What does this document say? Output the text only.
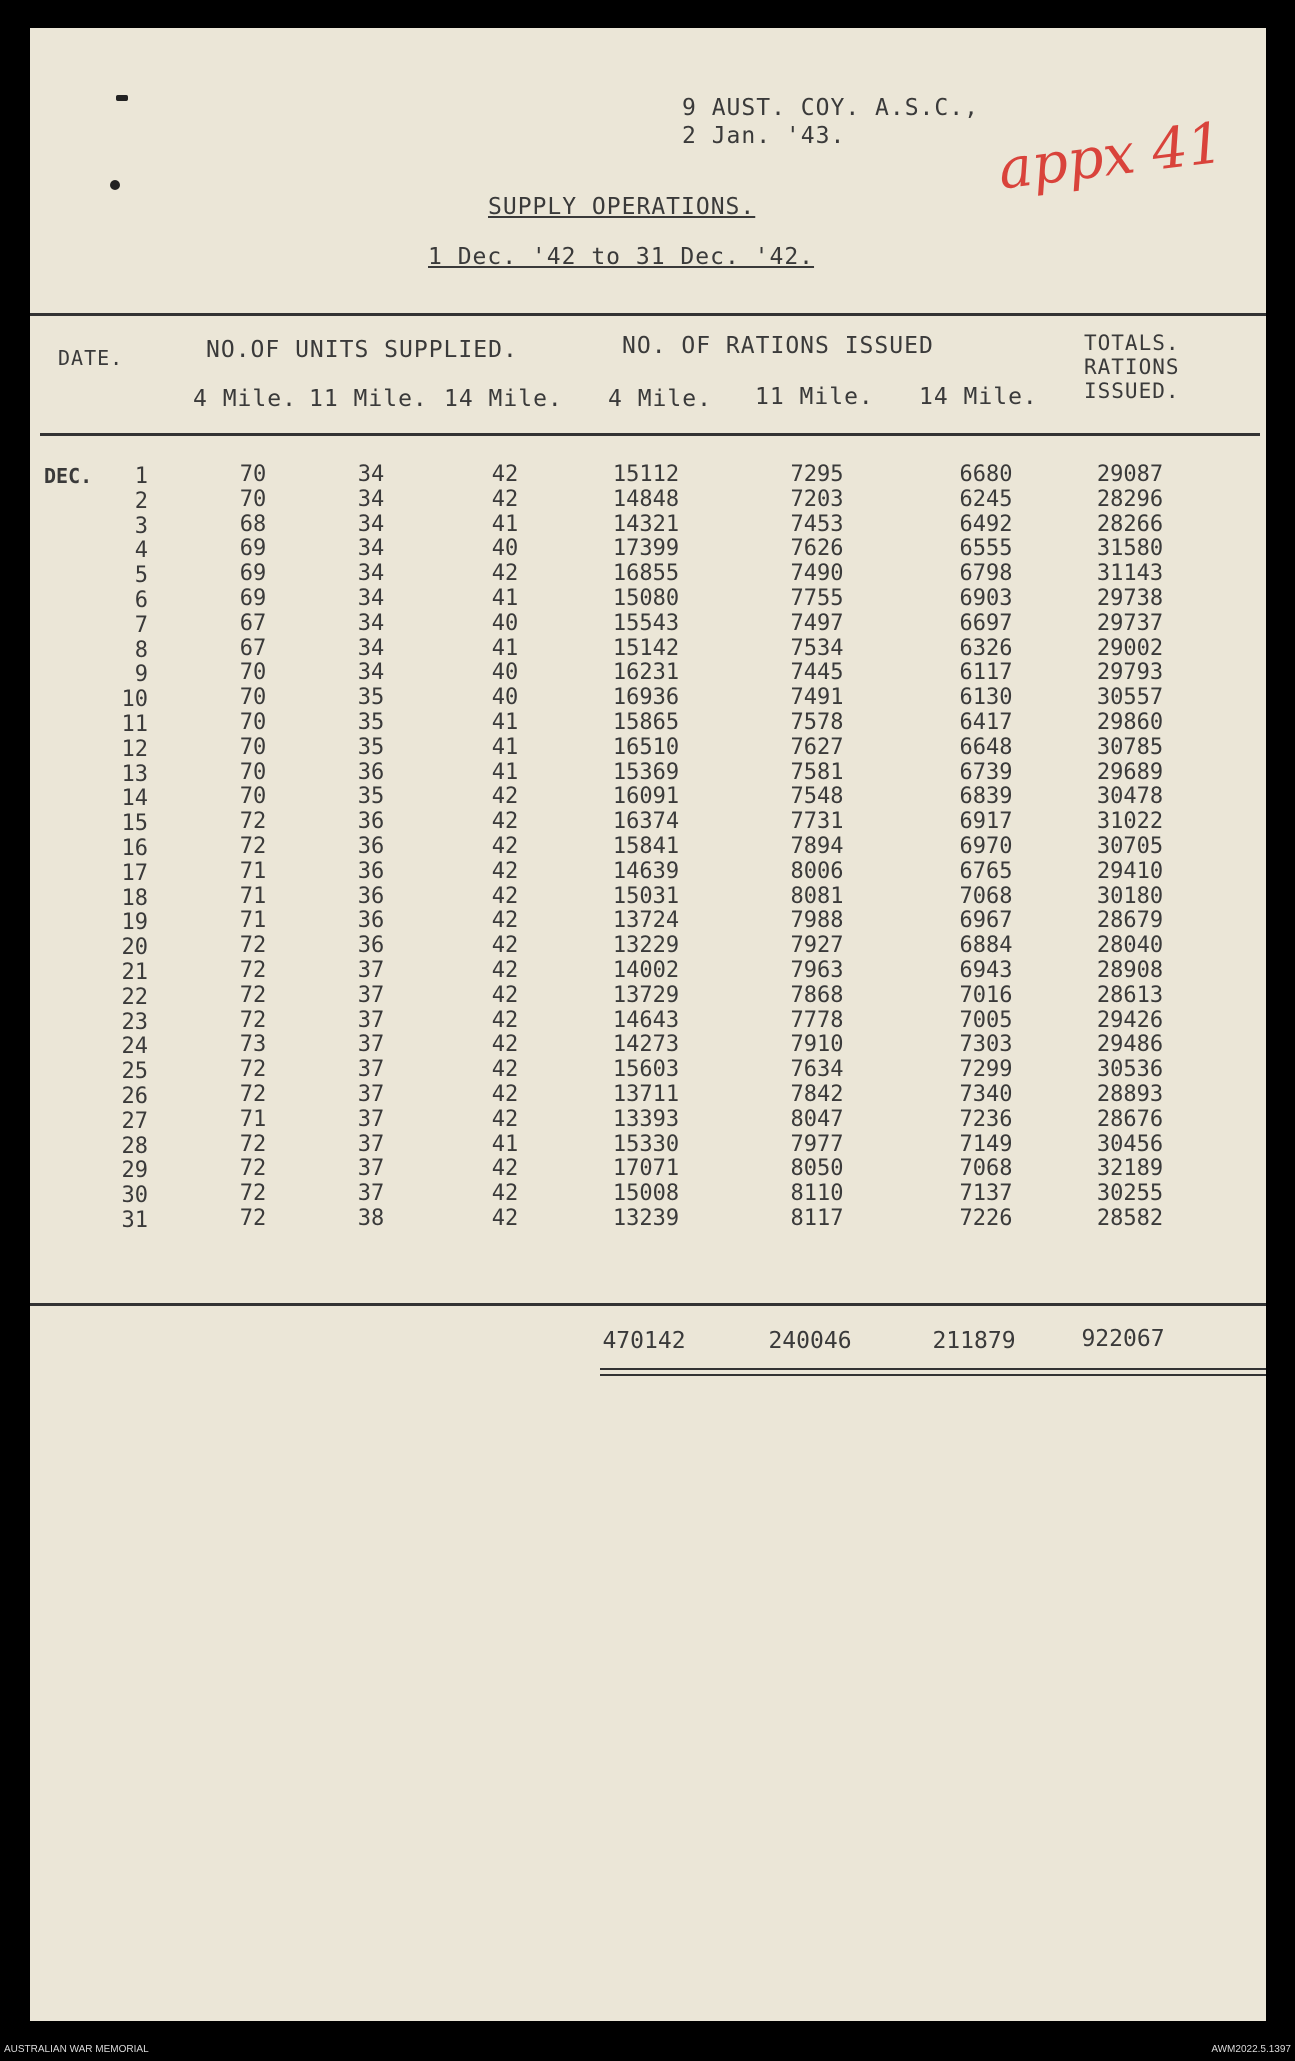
9 AUST. COY. A.S.C.,
2 Jan. '43.	appx 41
SUPPLY OPERATIONS.
1 Dec. '42 to 31 Dec. '42.
DATE.	NO.OF UNITS SUPPLIED.	NO. OF RATIONS ISSUED	TOTALS.
RATIONS
ISSUED.
4 Mile. 11 Mile. 14 Mile. 4 Mile. 11 Mile. 14 Mile.
DEC.	1	70	34	42	15112	7295	6680	29087
2	70	34	42	14848	7203	6245	28296
3	68	34	41	14321	7453	6492	28266
4	69	34	40	17399	7626	6555	31580
5	69	34	42	16855	7490	6798	31143
6	69	34	41	15080	7755	6903	29738
7	67	34	40	15543	7497	6697	29737
8	67	34	41	15142	7534	6326	29002
9	70	34	40	16231	7445	6117	29793
10	70	35	40	16936	7491	6130	30557
11	70	35	41	15865	7578	6417	29860
12	70	35	41	16510	7627	6648	30785
13	70	36	41	15369	7581	6739	29689
14	70	35	42	16091	7548	6839	30478
15	72	36	42	16374	7731	6917	31022
16	72	36	42	15841	7894	6970	30705
17	71	36	42	14639	8006	6765	29410
18	71	36	42	15031	8081	7068	30180
19	71	36	42	13724	7988	6967	28679
20	72	36	42	13229	7927	6884	28040
21	72	37	42	14002	7963	6943	28908
22	72	37	42	13729	7868	7016	28613
23	72	37	42	14643	7778	7005	29426
24	73	37	42	14273	7910	7303	29486
25	72	37	42	15603	7634	7299	30536
26	72	37	42	13711	7842	7340	28893
27	71	37	42	13393	8047	7236	28676
28	72	37	41	15330	7977	7149	30456
29	72	37	42	17071	8050	7068	32189
30	72	37	42	15008	8110	7137	30255
31	72	38	42	13239	8117	7226	28582
470142	240046	211879	922067
AUSTRALIAN WAR MEMORIAL	AWM2022.5.1397
